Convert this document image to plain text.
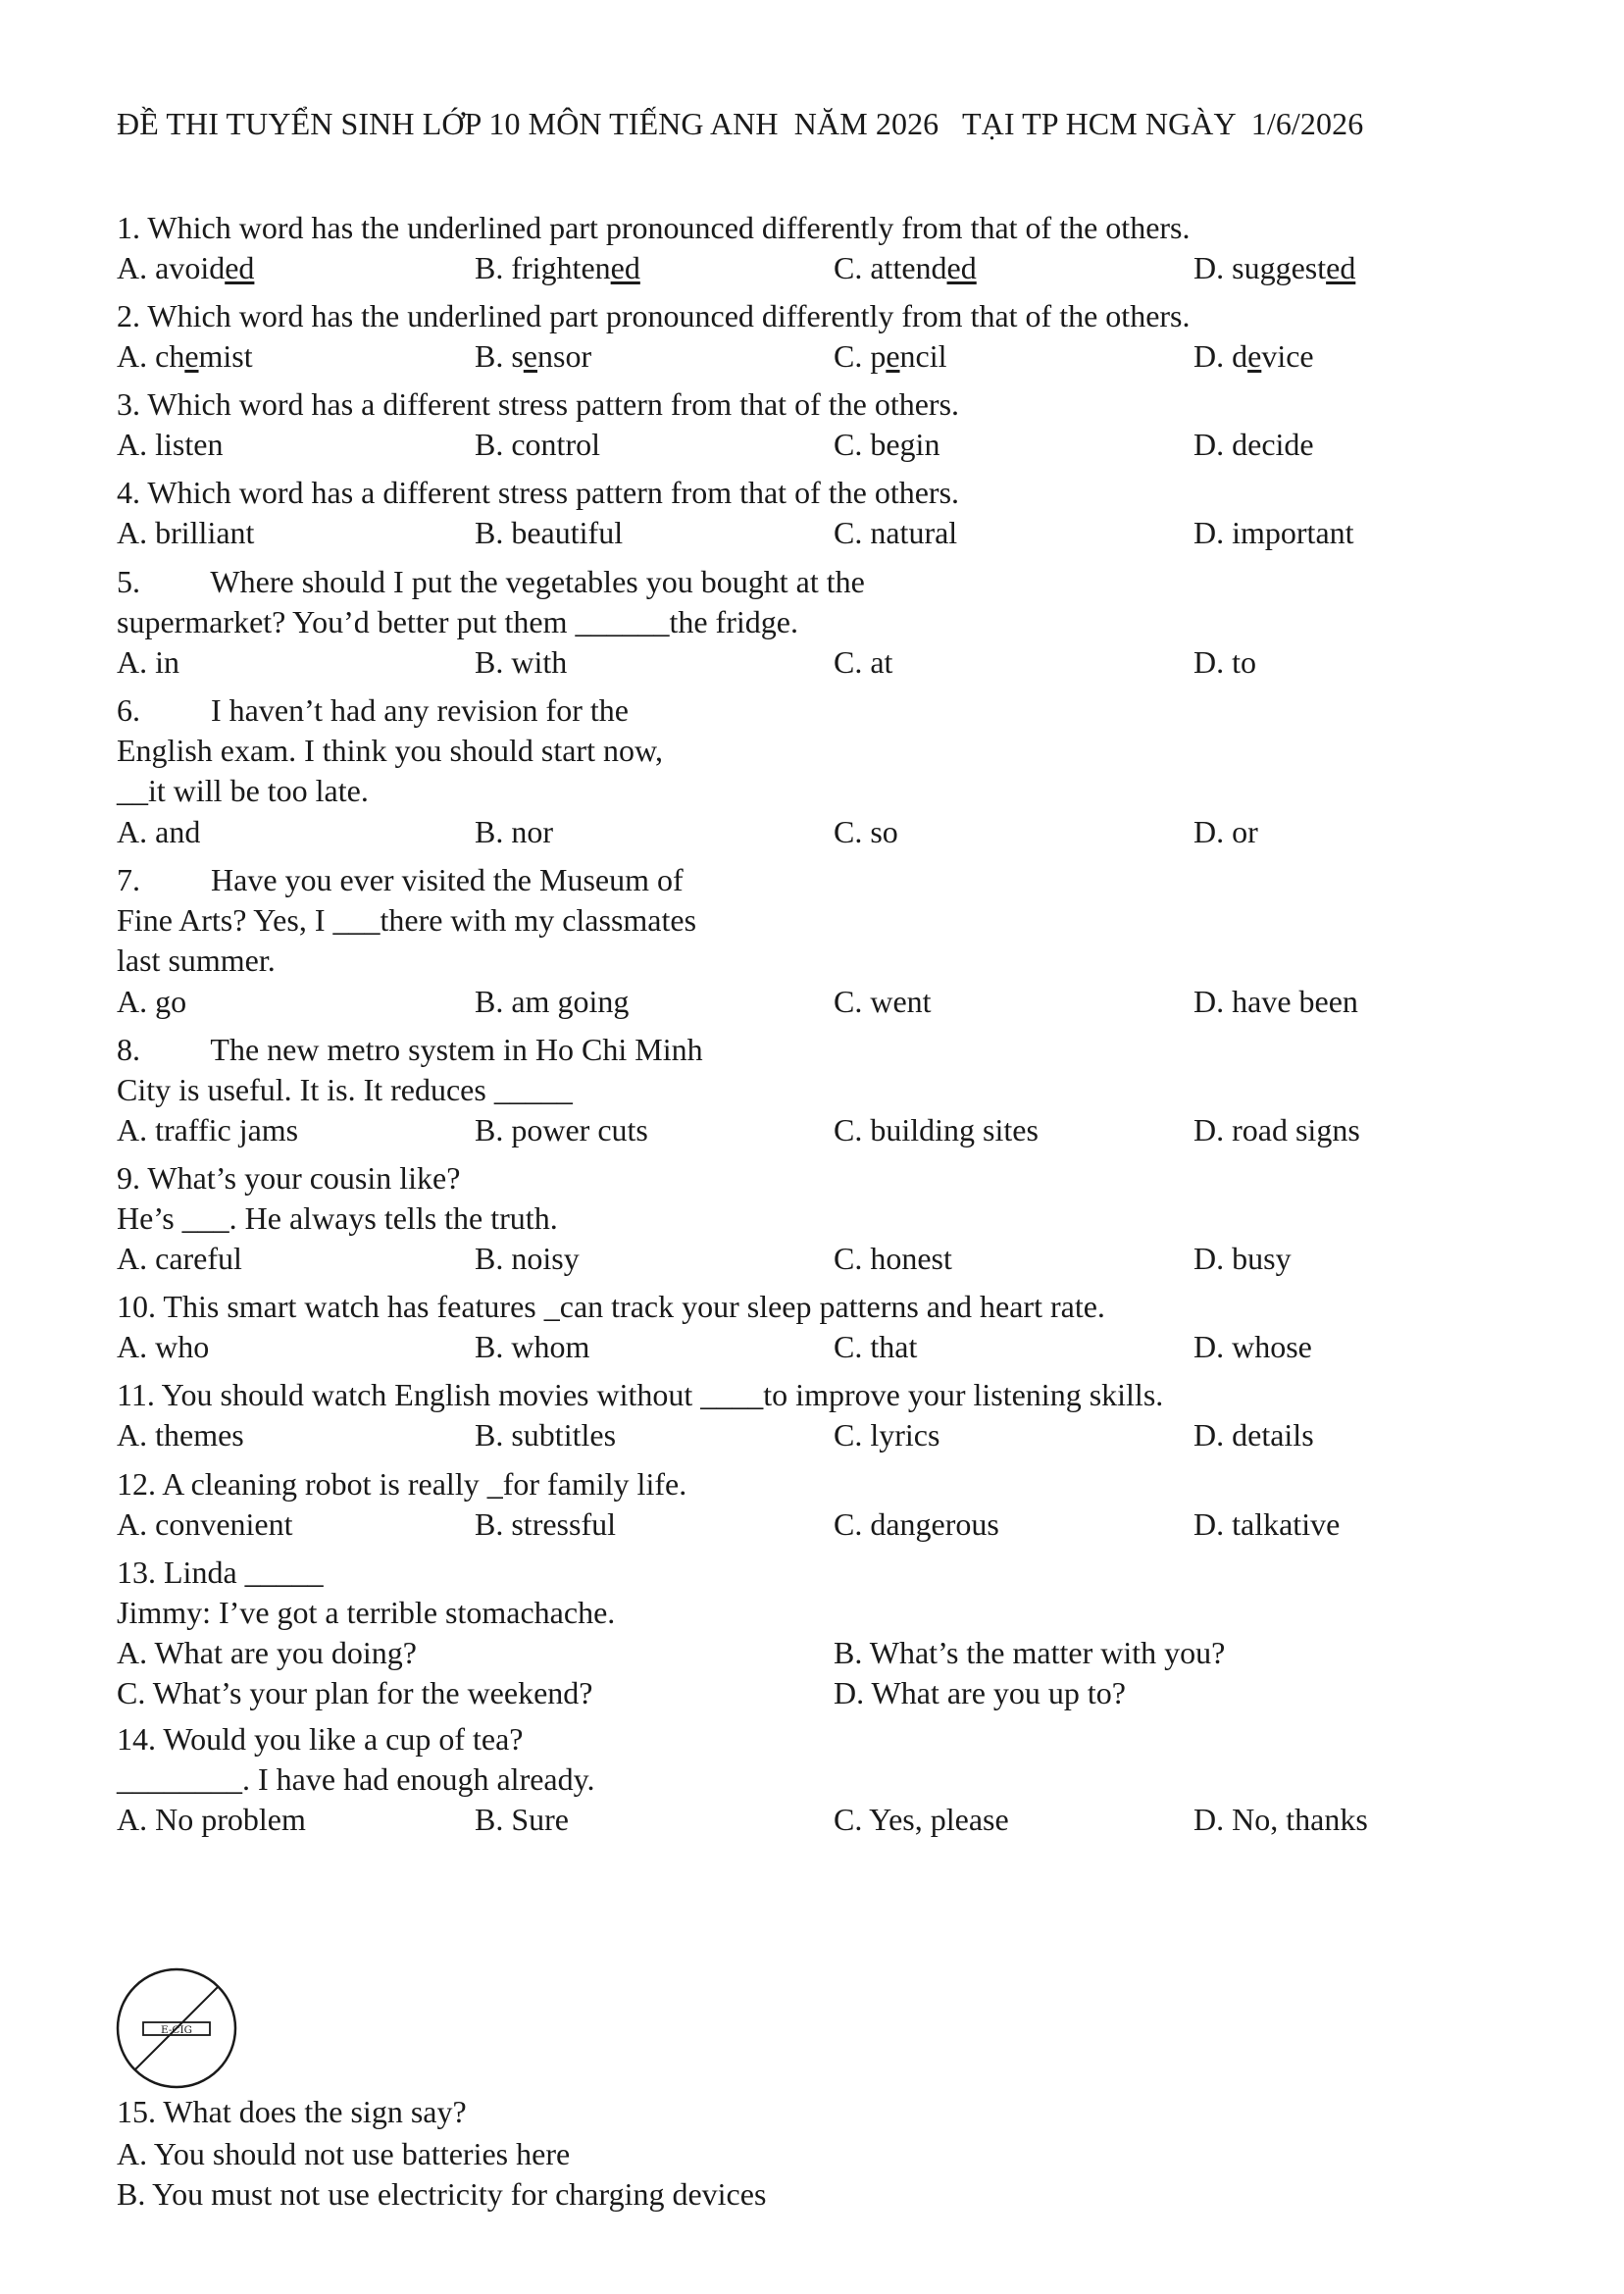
ĐỀ THI TUYỂN SINH LỚP 10 MÔN TIẾNG ANH  NĂM 2026   TẠI TP HCM NGÀY  1/6/2026
1. Which word has the underlined part pronounced differently from that of the others.
A. avoided	B. frightened	C. attended	D. suggested
2. Which word has the underlined part pronounced differently from that of the others.
A. chemist	B. sensor	C. pencil	D. device
3. Which word has a different stress pattern from that of the others.
A. listen	B. control	C. begin	D. decide
4. Which word has a different stress pattern from that of the others.
A. brilliant	B. beautiful	C. natural	D. important
5.         Where should I put the vegetables you bought at the
supermarket? You’d better put them ______the fridge.
A. in	B. with	C. at	D. to
6.         I haven’t had any revision for the
English exam. I think you should start now,
__it will be too late.
A. and	B. nor	C. so	D. or
7.         Have you ever visited the Museum of
Fine Arts? Yes, I ___there with my classmates
last summer.
A. go	B. am going	C. went	D. have been
8.         The new metro system in Ho Chi Minh
City is useful. It is. It reduces _____
A. traffic jams	B. power cuts	C. building sites	D. road signs
9. What’s your cousin like?
He’s ___. He always tells the truth.
A. careful	B. noisy	C. honest	D. busy
10. This smart watch has features _can track your sleep patterns and heart rate.
A. who	B. whom	C. that	D. whose
11. You should watch English movies without ____to improve your listening skills.
A. themes	B. subtitles	C. lyrics	D. details
12. A cleaning robot is really _for family life.
A. convenient	B. stressful	C. dangerous	D. talkative
13. Linda _____
Jimmy: I’ve got a terrible stomachache.
A. What are you doing?	B. What’s the matter with you?
C. What’s your plan for the weekend?	D. What are you up to?
14. Would you like a cup of tea?
________. I have had enough already.
A. No problem	B. Sure	C. Yes, please	D. No, thanks
E-CIG
15. What does the sign say?
A. You should not use batteries here
B. You must not use electricity for charging devices
